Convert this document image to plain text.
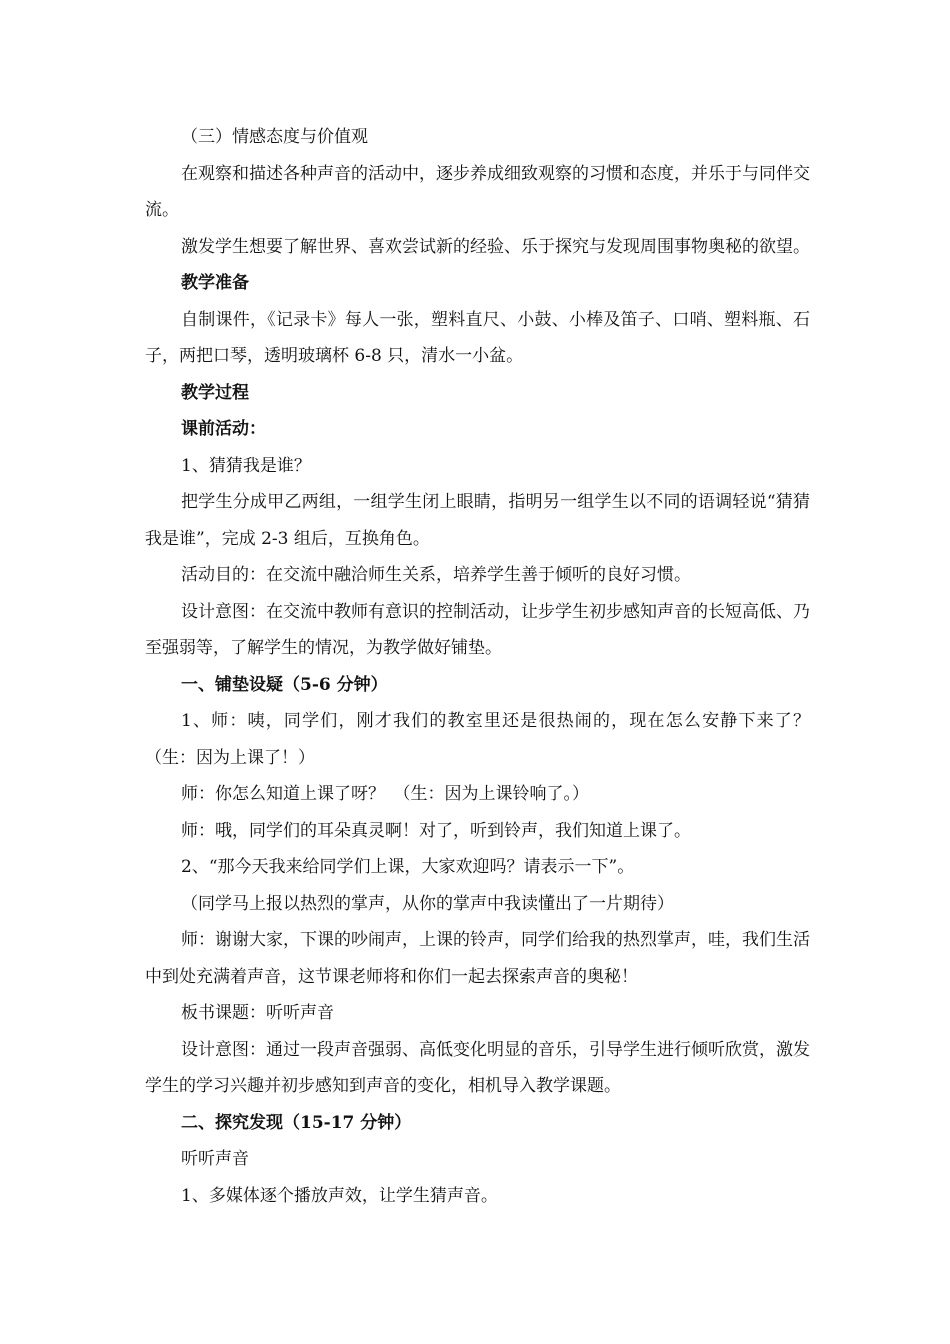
（三）情感态度与价值观

在观察和描述各种声音的活动中，逐步养成细致观察的习惯和态度，并乐于与同伴交流。

激发学生想要了解世界、喜欢尝试新的经验、乐于探究与发现周围事物奥秘的欲望。

教学准备

自制课件，《记录卡》每人一张，塑料直尺、小鼓、小棒及笛子、口哨、塑料瓶、石子，两把口琴，透明玻璃杯 6-8 只，清水一小盆。

教学过程

课前活动：

1、猜猜我是谁？

把学生分成甲乙两组，一组学生闭上眼睛，指明另一组学生以不同的语调轻说“猜猜我是谁”，完成 2-3 组后，互换角色。

活动目的：在交流中融洽师生关系，培养学生善于倾听的良好习惯。

设计意图：在交流中教师有意识的控制活动，让步学生初步感知声音的长短高低、乃至强弱等，了解学生的情况，为教学做好铺垫。

一、铺垫设疑（5-6 分钟）

1、师：咦，同学们，刚才我们的教室里还是很热闹的，现在怎么安静下来了？（生：因为上课了！）

师：你怎么知道上课了呀？　（生：因为上课铃响了。）

师：哦，同学们的耳朵真灵啊！对了，听到铃声，我们知道上课了。

2、“那今天我来给同学们上课，大家欢迎吗？请表示一下”。

（同学马上报以热烈的掌声，从你的掌声中我读懂出了一片期待）

师：谢谢大家，下课的吵闹声，上课的铃声，同学们给我的热烈掌声，哇，我们生活中到处充满着声音，这节课老师将和你们一起去探索声音的奥秘！

板书课题：听听声音

设计意图：通过一段声音强弱、高低变化明显的音乐，引导学生进行倾听欣赏，激发学生的学习兴趣并初步感知到声音的变化，相机导入教学课题。

二、探究发现（15-17 分钟）

听听声音

1、多媒体逐个播放声效，让学生猜声音。
